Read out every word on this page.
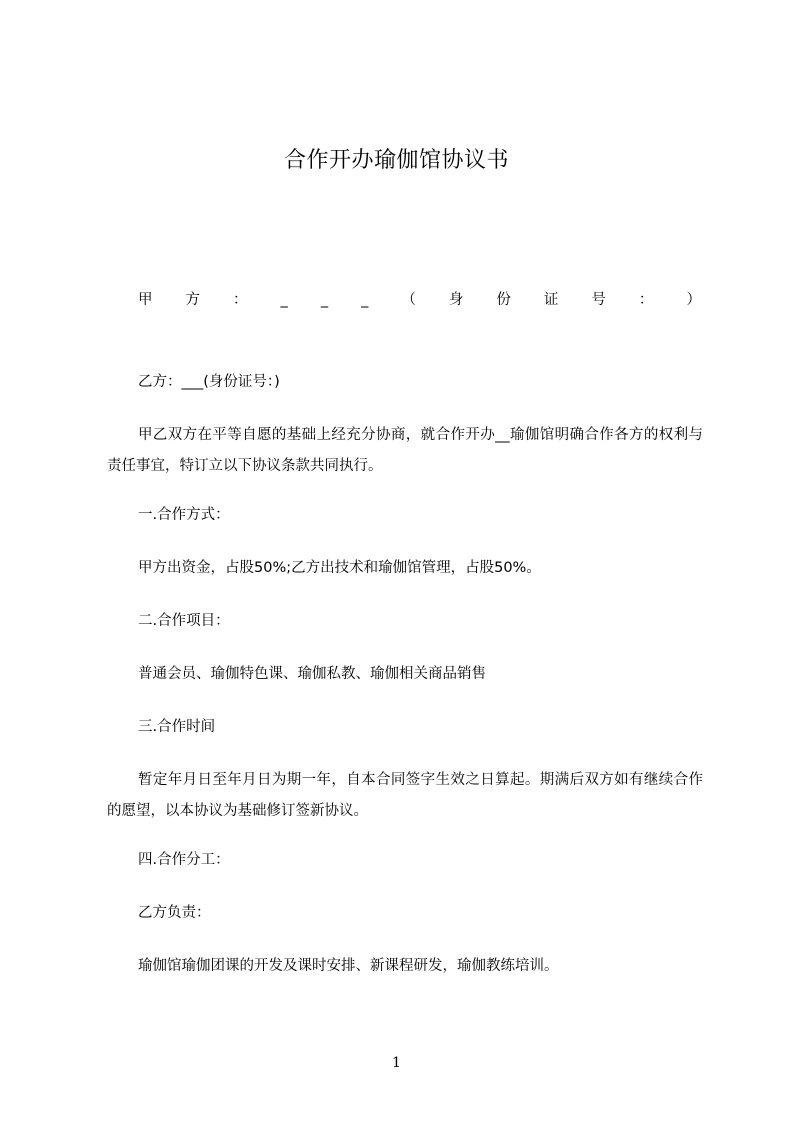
合作开办瑜伽馆协议书
甲 方 ： _ _ _ （ 身 份 证 号 ： ）
乙方：___(身份证号：)
甲乙双方在平等自愿的基础上经充分协商，就合作开办__瑜伽馆明确合作各方的权利与责任事宜，特订立以下协议条款共同执行。
一.合作方式：
甲方出资金，占股50%;乙方出技术和瑜伽馆管理，占股50%。
二.合作项目：
普通会员、瑜伽特色课、瑜伽私教、瑜伽相关商品销售
三.合作时间
暂定年月日至年月日为期一年，自本合同签字生效之日算起。期满后双方如有继续合作的愿望，以本协议为基础修订签新协议。
四.合作分工：
乙方负责：
瑜伽馆瑜伽团课的开发及课时安排、新课程研发，瑜伽教练培训。
1
